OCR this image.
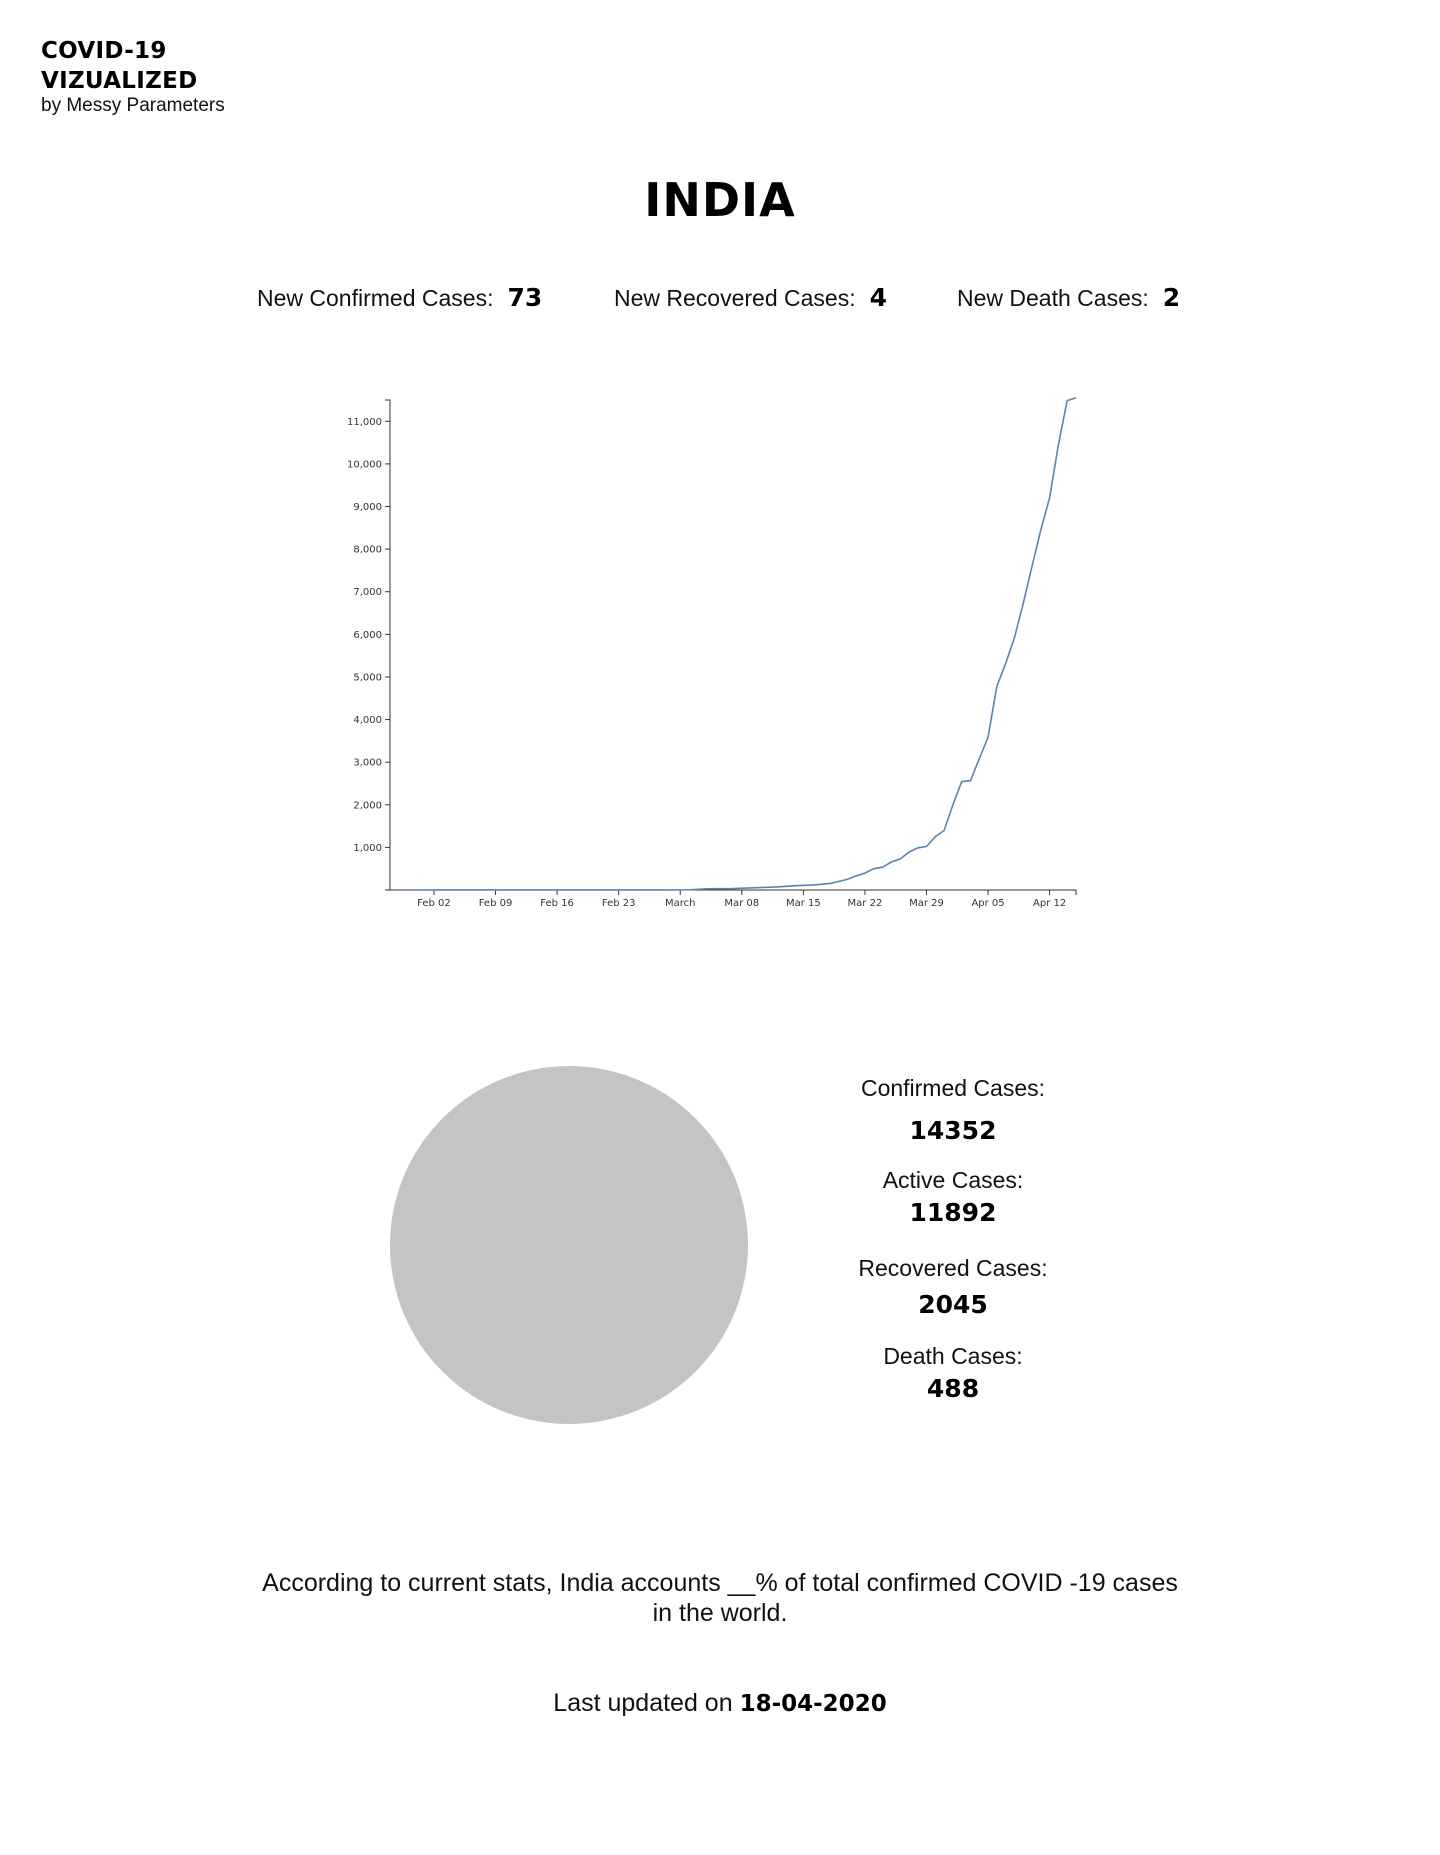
COVID-19
VIZUALIZED
by Messy Parameters
INDIA
New Confirmed Cases: 73	New Recovered Cases: 4	New Death Cases: 2
1,000
2,000
3,000
4,000
5,000
6,000
7,000
8,000
9,000
10,000
11,000
Feb 02	Feb 09	Feb 16	Feb 23	March	Mar 08	Mar 15	Mar 22	Mar 29	Apr 05	Apr 12
Confirmed Cases:
14352
Active Cases:
11892
Recovered Cases:
2045
Death Cases:
488
According to current stats, India accounts __% of total confirmed COVID -19 cases in the world.
Last updated on 18-04-2020
